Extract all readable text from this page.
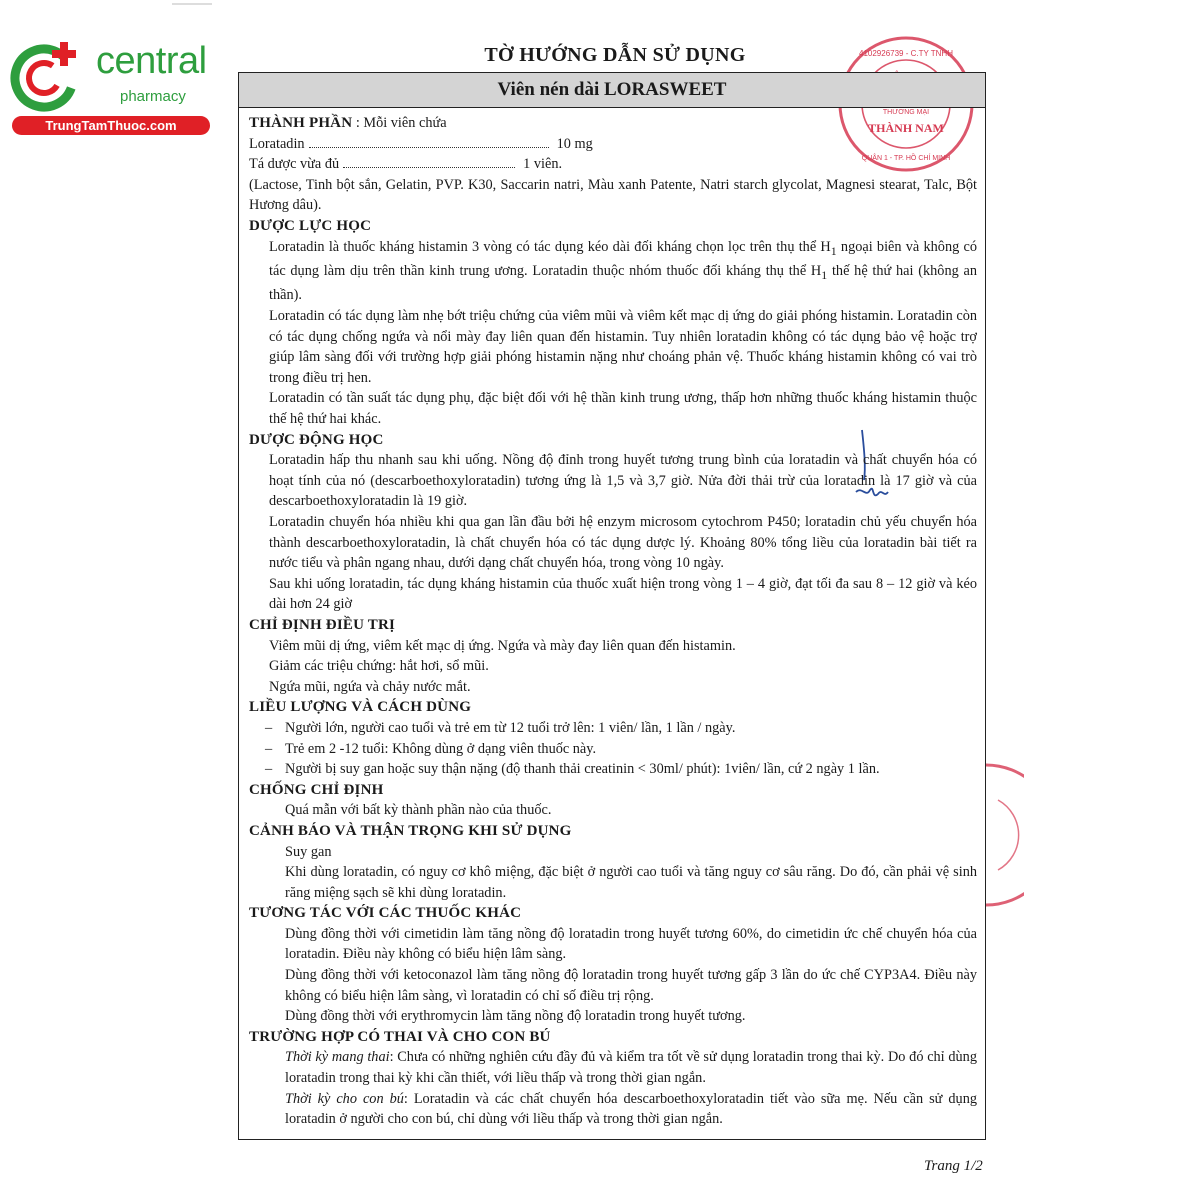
central
pharmacy
TrungTamThuoc.com
TỜ HƯỚNG DẪN SỬ DỤNG	4102926739 - C.TY TNHH
THƯƠNG MẠI
THÀNH NAM
QUẬN 1 - TP. HỒ CHÍ MINH
Viên nén dài LORASWEET

THÀNH PHẦN : Mỗi viên chứa

Loratadin	10 mg

Tá dược vừa đủ	1 viên.

(Lactose, Tinh bột sắn, Gelatin, PVP. K30, Saccarin natri, Màu xanh Patente, Natri starch glycolat, Magnesi stearat, Talc, Bột Hương dâu).

DƯỢC LỰC HỌC

Loratadin là thuốc kháng histamin 3 vòng có tác dụng kéo dài đối kháng chọn lọc trên thụ thể $H_1$ ngoại biên và không có tác dụng làm dịu trên thần kinh trung ương. Loratadin thuộc nhóm thuốc đối kháng thụ thể $H_1$ thế hệ thứ hai (không an thần).

Loratadin có tác dụng làm nhẹ bớt triệu chứng của viêm mũi và viêm kết mạc dị ứng do giải phóng histamin. Loratadin còn có tác dụng chống ngứa và nổi mày đay liên quan đến histamin. Tuy nhiên loratadin không có tác dụng bảo vệ hoặc trợ giúp lâm sàng đối với trường hợp giải phóng histamin nặng như choáng phản vệ. Thuốc kháng histamin không có vai trò trong điều trị hen.

Loratadin có tần suất tác dụng phụ, đặc biệt đối với hệ thần kinh trung ương, thấp hơn những thuốc kháng histamin thuộc thế hệ thứ hai khác.

DƯỢC ĐỘNG HỌC

Loratadin hấp thu nhanh sau khi uống. Nồng độ đỉnh trong huyết tương trung bình của loratadin và chất chuyển hóa có hoạt tính của nó (descarboethoxyloratadin) tương ứng là 1,5 và 3,7 giờ. Nửa đời thải trừ của loratadin là 17 giờ và của descarboethoxyloratadin là 19 giờ.

Loratadin chuyển hóa nhiều khi qua gan lần đầu bởi hệ enzym microsom cytochrom P450; loratadin chủ yếu chuyển hóa thành descarboethoxyloratadin, là chất chuyển hóa có tác dụng dược lý. Khoảng 80% tổng liều của loratadin bài tiết ra nước tiểu và phân ngang nhau, dưới dạng chất chuyển hóa, trong vòng 10 ngày.

Sau khi uống loratadin, tác dụng kháng histamin của thuốc xuất hiện trong vòng 1 – 4 giờ, đạt tối đa sau 8 – 12 giờ và kéo dài hơn 24 giờ

CHỈ ĐỊNH ĐIỀU TRỊ

Viêm mũi dị ứng, viêm kết mạc dị ứng. Ngứa và mày đay liên quan đến histamin.

Giảm các triệu chứng: hắt hơi, sổ mũi.

Ngứa mũi, ngứa và chảy nước mắt.

LIỀU LƯỢNG VÀ CÁCH DÙNG

– Người lớn, người cao tuổi và trẻ em từ 12 tuổi trở lên: 1 viên/ lần, 1 lần / ngày.

– Trẻ em 2 -12 tuổi: Không dùng ở dạng viên thuốc này.

– Người bị suy gan hoặc suy thận nặng (độ thanh thải creatinin < 30ml/ phút): 1viên/ lần, cứ 2 ngày 1 lần.

CHỐNG CHỈ ĐỊNH

Quá mẫn với bất kỳ thành phần nào của thuốc.

CẢNH BÁO VÀ THẬN TRỌNG KHI SỬ DỤNG

Suy gan

Khi dùng loratadin, có nguy cơ khô miệng, đặc biệt ở người cao tuổi và tăng nguy cơ sâu răng. Do đó, cần phải vệ sinh răng miệng sạch sẽ khi dùng loratadin.

TƯƠNG TÁC VỚI CÁC THUỐC KHÁC

Dùng đồng thời với cimetidin làm tăng nồng độ loratadin trong huyết tương 60%, do cimetidin ức chế chuyển hóa của loratadin. Điều này không có biểu hiện lâm sàng.

Dùng đồng thời với ketoconazol làm tăng nồng độ loratadin trong huyết tương gấp 3 lần do ức chế CYP3A4. Điều này không có biểu hiện lâm sàng, vì loratadin có chỉ số điều trị rộng.

Dùng đồng thời với erythromycin làm tăng nồng độ loratadin trong huyết tương.

TRƯỜNG HỢP CÓ THAI VÀ CHO CON BÚ

Thời kỳ mang thai: Chưa có những nghiên cứu đầy đủ và kiểm tra tốt về sử dụng loratadin trong thai kỳ. Do đó chỉ dùng loratadin trong thai kỳ khi cần thiết, với liều thấp và trong thời gian ngắn.

Thời kỳ cho con bú: Loratadin và các chất chuyển hóa descarboethoxyloratadin tiết vào sữa mẹ. Nếu cần sử dụng loratadin ở người cho con bú, chỉ dùng với liều thấp và trong thời gian ngắn.

Trang 1/2
